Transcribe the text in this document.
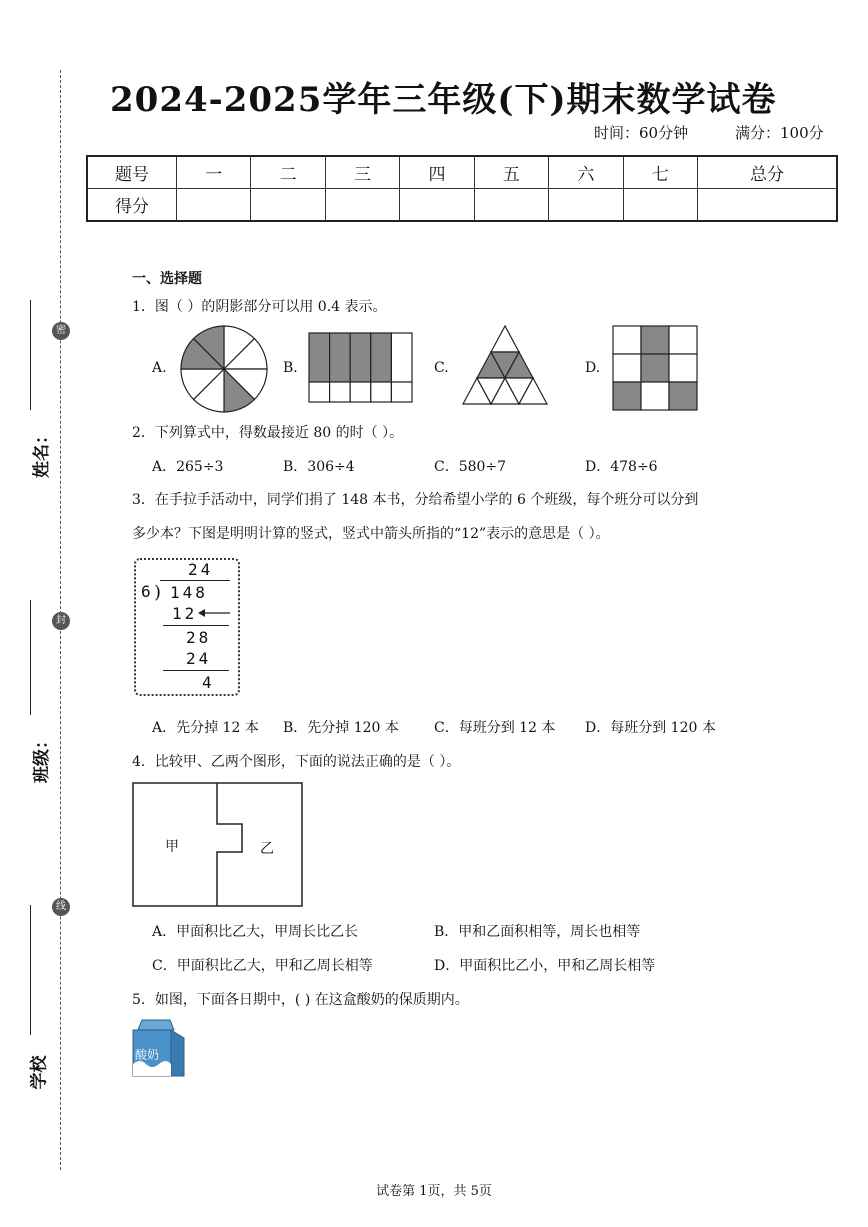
姓名：
班级：
学校
密
封
线
2024-2025学年三年级(下)期末数学试卷
时间：60分钟	满分：100分
题号	一	二	三	四	五	六	七	总分
得分								
一、选择题
1．图（ ）的阴影部分可以用 0.4 表示。
A.	B.	C.	D.
2．下列算式中，得数最接近 80 的时（ ）。
A．265÷3	B．306÷4	C．580÷7	D．478÷6
3．在手拉手活动中，同学们捐了 148 本书，分给希望小学的 6 个班级，每个班分可以分到
多少本？下图是明明计算的竖式，竖式中箭头所指的“12”表示的意思是（ ）。
24
6 ) 148
12
28
24
4
A．先分掉 12 本 B．先分掉 120 本	C．每班分到 12 本 D．每班分到 120 本
4．比较甲、乙两个图形，下面的说法正确的是（ ）。
甲	乙
A．甲面积比乙大，甲周长比乙长	B．甲和乙面积相等，周长也相等
C．甲面积比乙大，甲和乙周长相等	D．甲面积比乙小，甲和乙周长相等
5．如图，下面各日期中，( ) 在这盒酸奶的保质期内。
酸奶
试卷第 1页，共 5页
